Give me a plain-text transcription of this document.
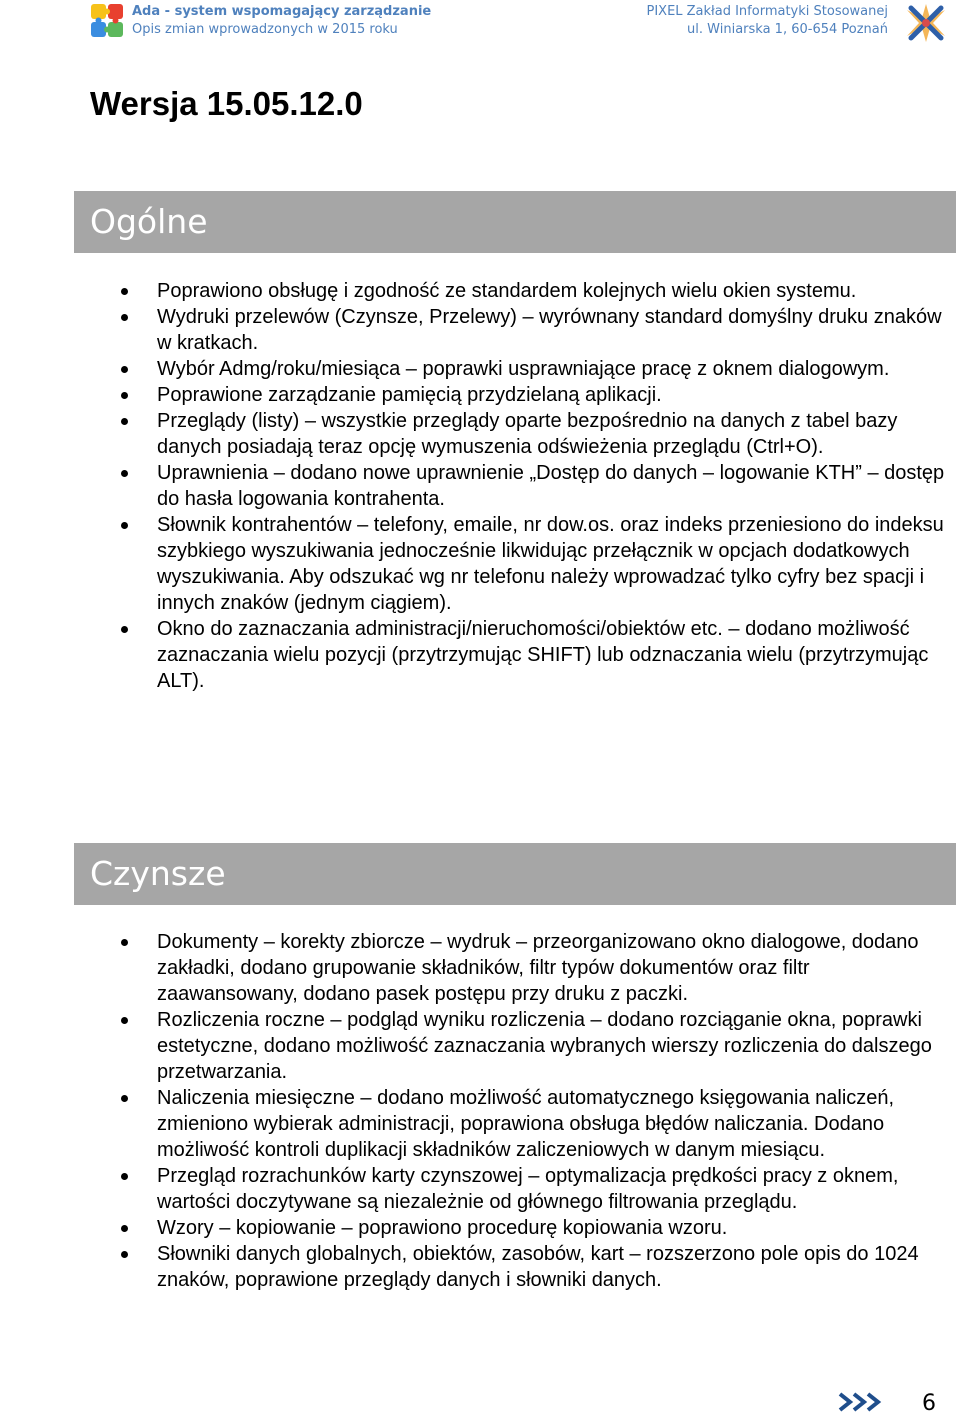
Ada - system wspomagający zarządzanie
Opis zmian wprowadzonych w 2015 roku
PIXEL Zakład Informatyki Stosowanej
ul. Winiarska 1, 60-654 Poznań
Wersja 15.05.12.0
Ogólne
Poprawiono obsługę i zgodność ze standardem kolejnych wielu okien systemu.
Wydruki przelewów (Czynsze, Przelewy) – wyrównany standard domyślny druku znaków w kratkach.
Wybór Admg/roku/miesiąca – poprawki usprawniające pracę z oknem dialogowym.
Poprawione zarządzanie pamięcią przydzielaną aplikacji.
Przeglądy (listy) – wszystkie przeglądy oparte bezpośrednio na danych z tabel bazy danych posiadają teraz opcję wymuszenia odświeżenia przeglądu (Ctrl+O).
Uprawnienia – dodano nowe uprawnienie „Dostęp do danych – logowanie KTH” – dostęp do hasła logowania kontrahenta.
Słownik kontrahentów – telefony, emaile, nr dow.os. oraz indeks przeniesiono do indeksu szybkiego wyszukiwania jednocześnie likwidując przełącznik w opcjach dodatkowych wyszukiwania. Aby odszukać wg nr telefonu należy wprowadzać tylko cyfry bez spacji i innych znaków (jednym ciągiem).
Okno do zaznaczania administracji/nieruchomości/obiektów etc. – dodano możliwość zaznaczania wielu pozycji (przytrzymując SHIFT) lub odznaczania wielu (przytrzymując ALT).
Czynsze
Dokumenty – korekty zbiorcze – wydruk – przeorganizowano okno dialogowe, dodano zakładki, dodano grupowanie składników, filtr typów dokumentów oraz filtr zaawansowany, dodano pasek postępu przy druku z paczki.
Rozliczenia roczne – podgląd wyniku rozliczenia – dodano rozciąganie okna, poprawki estetyczne, dodano możliwość zaznaczania wybranych wierszy rozliczenia do dalszego przetwarzania.
Naliczenia miesięczne – dodano możliwość automatycznego księgowania naliczeń, zmieniono wybierak administracji, poprawiona obsługa błędów naliczania. Dodano możliwość kontroli duplikacji składników zaliczeniowych w danym miesiącu.
Przegląd rozrachunków karty czynszowej – optymalizacja prędkości pracy z oknem, wartości doczytywane są niezależnie od głównego filtrowania przeglądu.
Wzory – kopiowanie – poprawiono procedurę kopiowania wzoru.
Słowniki danych globalnych, obiektów, zasobów, kart – rozszerzono pole opis do 1024 znaków, poprawione przeglądy danych i słowniki danych.
6
